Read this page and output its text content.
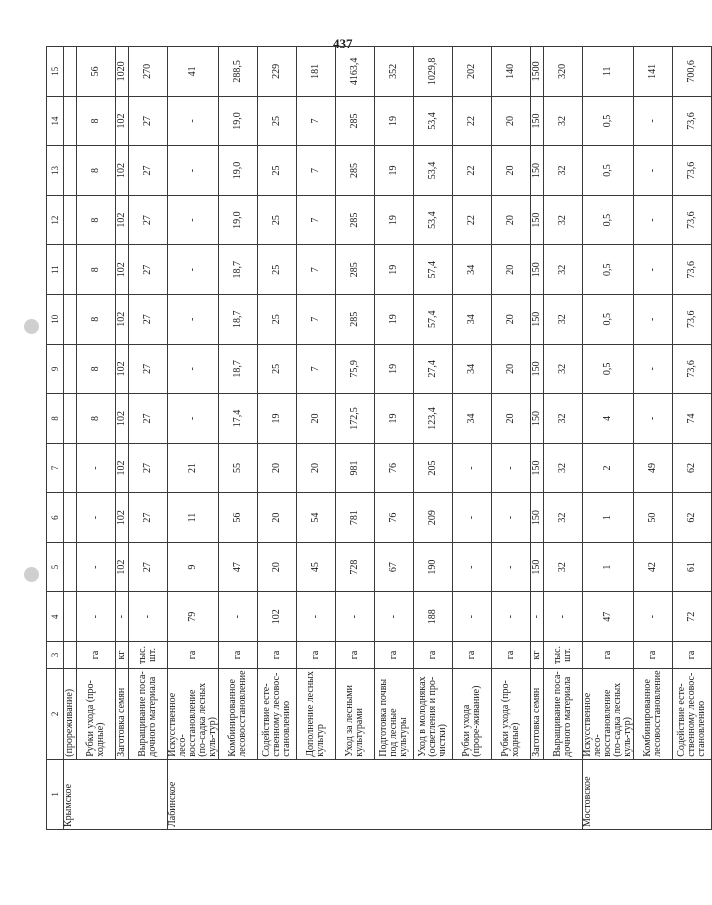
437
1	2	3	4	5	6	7	8	9	10	11	12	13	14	15
Крымское	(прореживание)													
	Рубки ухода (про-ходные)	га	-	-	-	-	8	8	8	8	8	8	8	56
	Заготовка семян	кг	-	102	102	102	102	102	102	102	102	102	102	1020
	Выращивание поса-дочного материала	тыс. шт.	-	27	27	27	27	27	27	27	27	27	27	270
Лабинское	Искусственное лесо-восстановление (по-садка лесных куль-тур)	га	79	9	11	21	-	-	-	-	-	-	-	41
	Комбинированное лесовосстановление	га	-	47	56	55	17,4	18,7	18,7	18,7	19,0	19,0	19,0	288,5
	Содействие есте-ственному лесовос-становлению	га	102	20	20	20	19	25	25	25	25	25	25	229
	Дополнение лесных культур	га	-	45	54	20	20	7	7	7	7	7	7	181
	Уход за лесными культурами	га	-	728	781	981	172,5	75,9	285	285	285	285	285	4163,4
	Подготовка почвы под лесные культуры	га	-	67	76	76	19	19	19	19	19	19	19	352
	Уход в молодняках (осветления и про-чистки)	га	188	190	209	205	123,4	27,4	57,4	57,4	53,4	53,4	53,4	1029,8
	Рубки ухода (проре-живание)	га	-	-	-	-	34	34	34	34	22	22	22	202
	Рубки ухода (про-ходные)	га	-	-	-	-	20	20	20	20	20	20	20	140
	Заготовка семян	кг	-	150	150	150	150	150	150	150	150	150	150	1500
	Выращивание поса-дочного материала	тыс. шт.	-	32	32	32	32	32	32	32	32	32	32	320
Мостовское	Искусственное лесо-восстановление (по-садка лесных куль-тур)	га	47	1	1	2	4	0,5	0,5	0,5	0,5	0,5	0,5	11
	Комбинированное лесовосстановление	га	-	42	50	49	-	-	-	-	-	-	-	141
	Содействие есте-ственному лесовос-становлению	га	72	61	62	62	74	73,6	73,6	73,6	73,6	73,6	73,6	700,6
